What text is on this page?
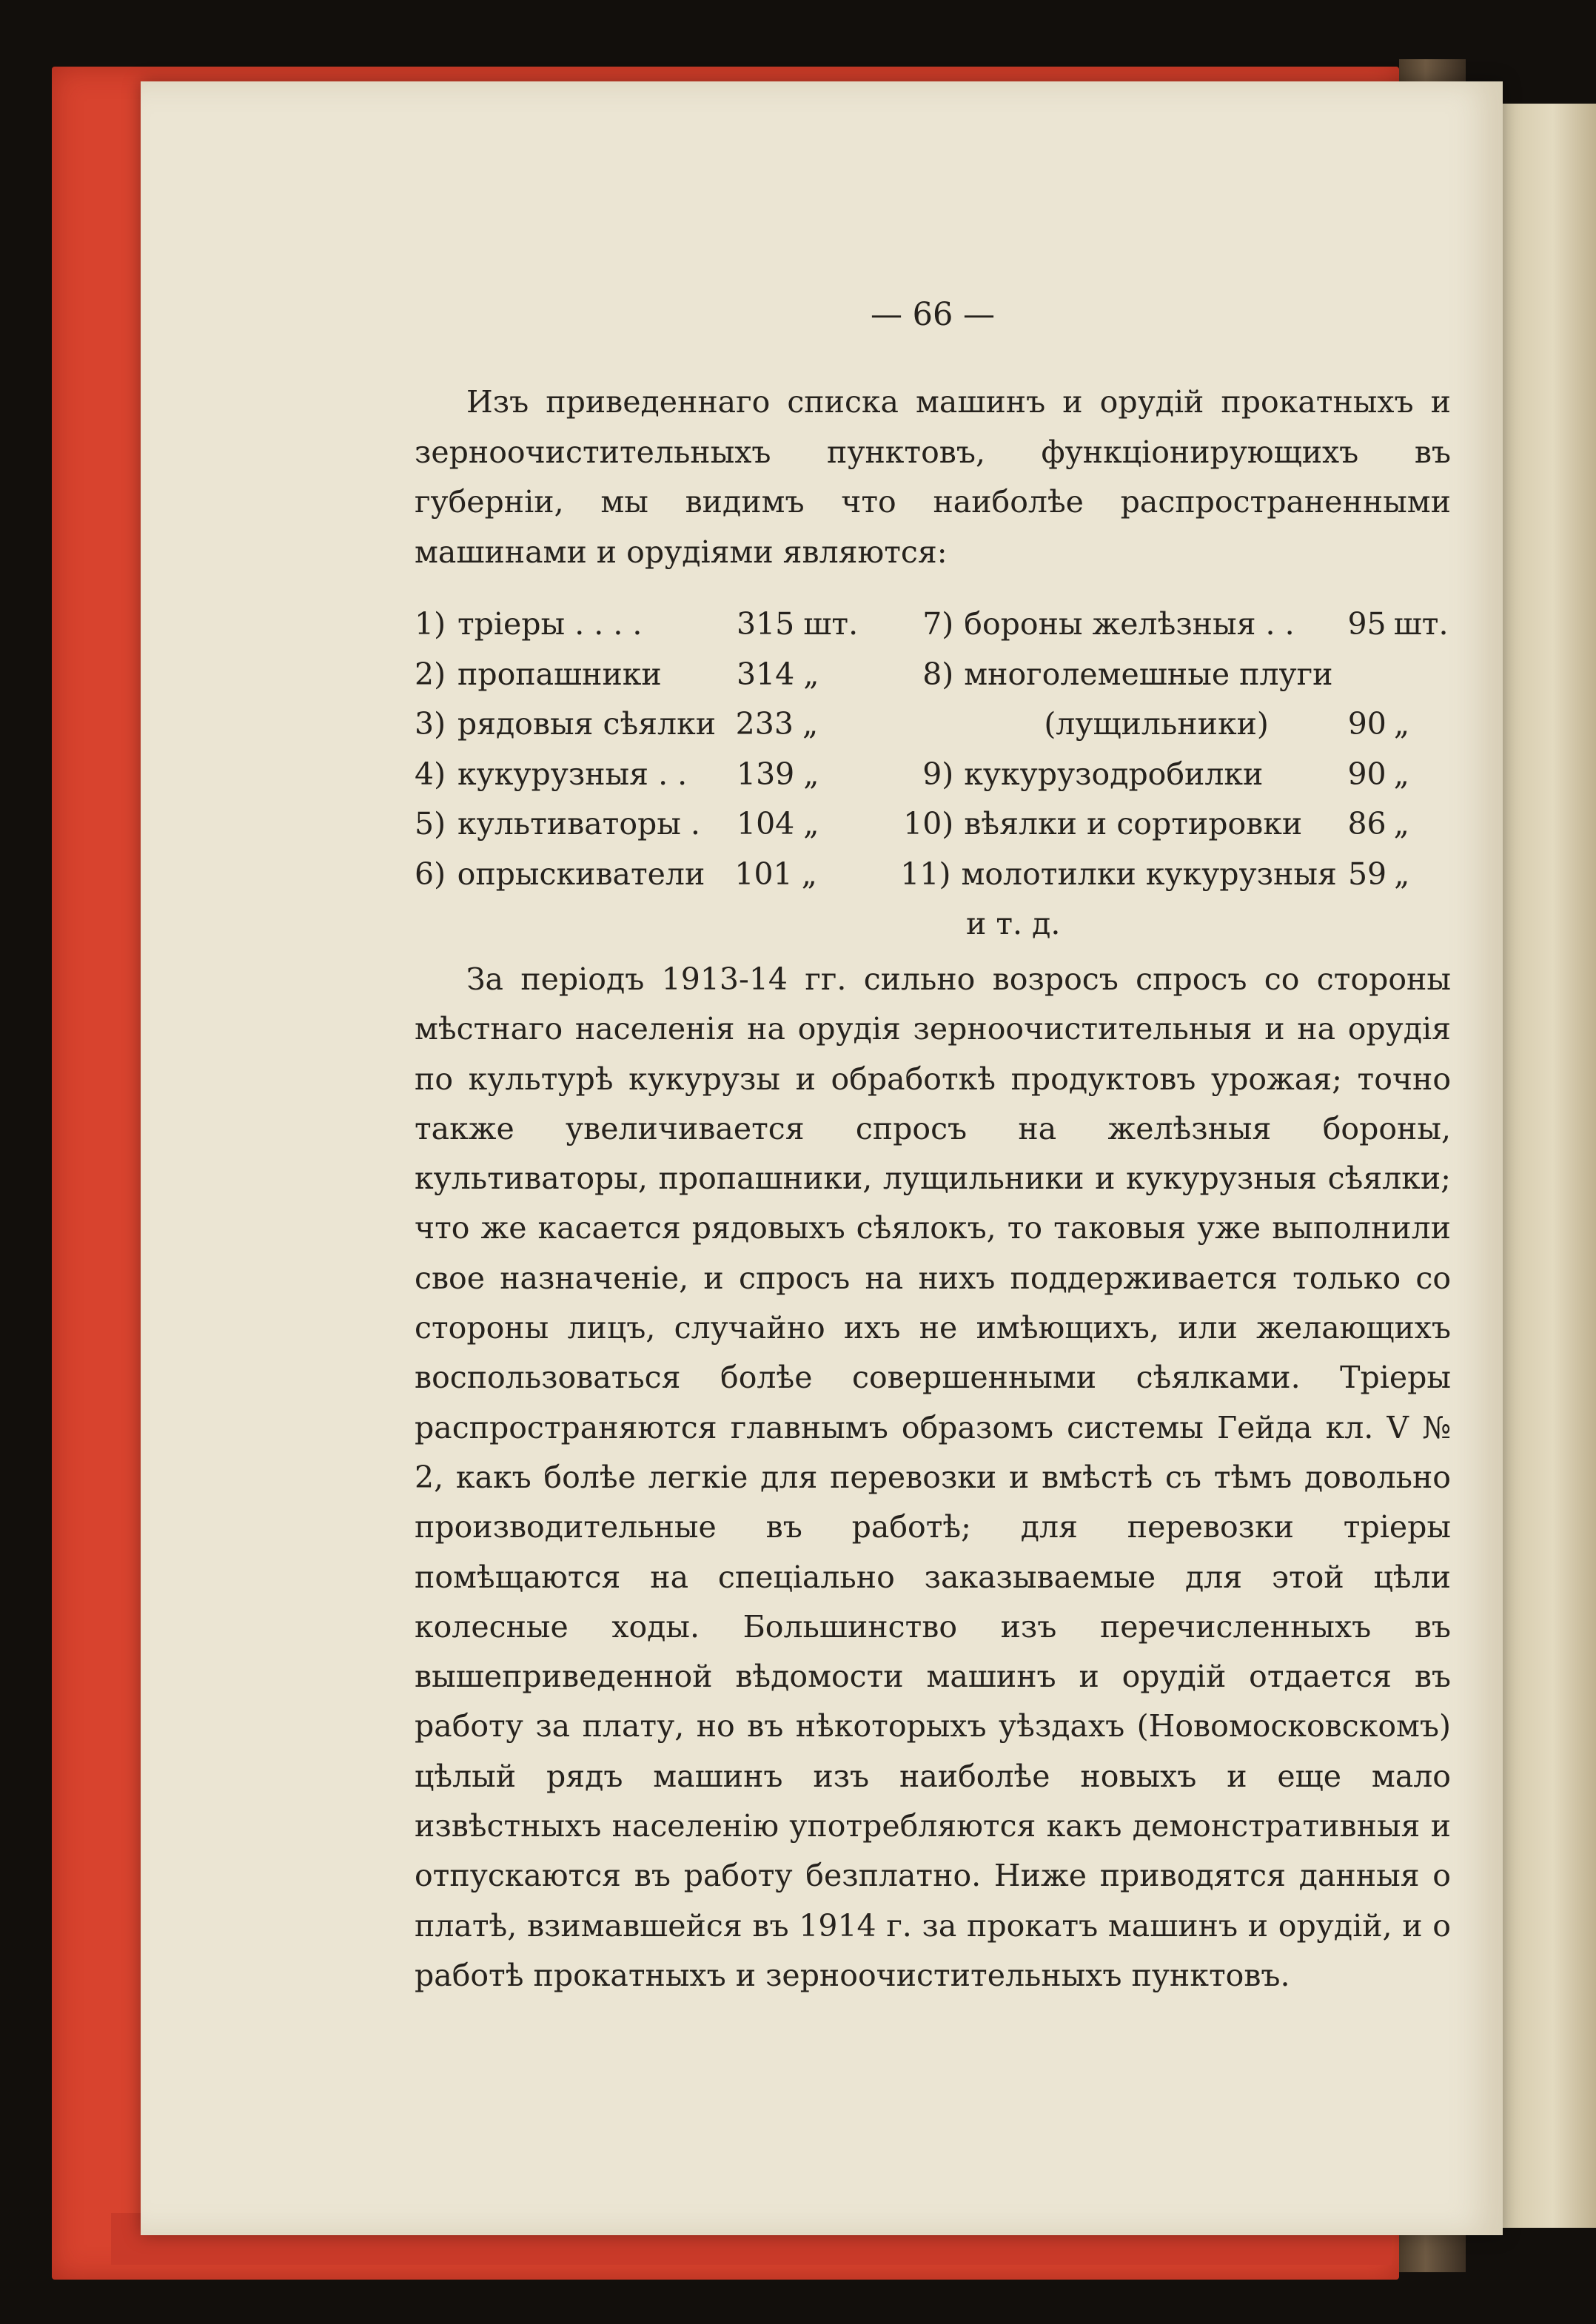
— 66 —

Изъ приведеннаго списка машинъ и орудій прокатныхъ и зерноочистительныхъ пунктовъ, функціонирующихъ въ губерніи, мы видимъ что наиболѣе распространенными машинами и орудіями являются:

1) тріеры . . . .	315 шт.	7) бороны желѣзныя . .	95 шт.
2) пропашники	314 „	8) многолемешные плуги
3) рядовыя сѣялки 233 „	(лущильники)	90 „
4) кукурузныя . .	139 „	9) кукурузодробилки	90 „
5) культиваторы .	104 „	10) вѣялки и сортировки	86 „
6) опрыскиватели 101 „	11) молотилки кукурузныя 59 „
и т. д.

За періодъ 1913-14 гг. сильно возросъ спросъ со стороны мѣстнаго населенія на орудія зерноочистительныя и на орудія по культурѣ кукурузы и обработкѣ продуктовъ урожая; точно также увеличивается спросъ на желѣзныя бороны, культиваторы, пропашники, лущильники и кукурузныя сѣялки; что же касается рядовыхъ сѣялокъ, то таковыя уже выполнили свое назначеніе, и спросъ на нихъ поддерживается только со стороны лицъ, случайно ихъ не имѣющихъ, или желающихъ воспользоваться болѣе совершенными сѣялками. Тріеры распространяются главнымъ образомъ системы Гейда кл. V № 2, какъ болѣе легкіе для перевозки и вмѣстѣ съ тѣмъ довольно производительные въ работѣ; для перевозки тріеры помѣщаются на спеціально заказываемые для этой цѣли колесные ходы. Большинство изъ перечисленныхъ въ вышеприведенной вѣдомости машинъ и орудій отдается въ работу за плату, но въ нѣкоторыхъ уѣздахъ (Новомосковскомъ) цѣлый рядъ машинъ изъ наиболѣе новыхъ и еще мало извѣстныхъ населенію употребляются какъ демонстративныя и отпускаются въ работу безплатно. Ниже приводятся данныя о платѣ, взимавшейся въ 1914 г. за прокатъ машинъ и орудій, и о работѣ прокатныхъ и зерноочистительныхъ пунктовъ.
